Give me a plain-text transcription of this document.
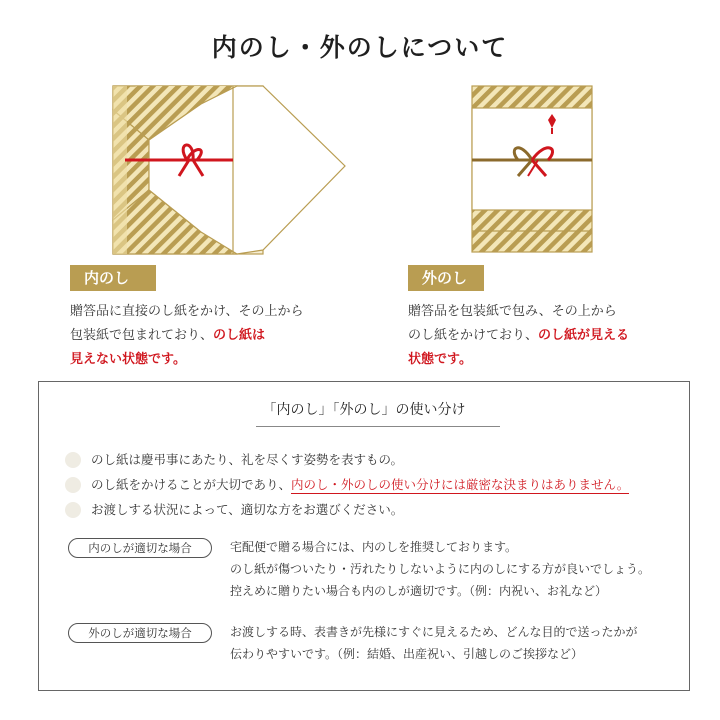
内のし・外のしについて
内のし	外のし
贈答品に直接のし紙をかけ、その上から
包装紙で包まれており、のし紙は
見えない状態です。
贈答品を包装紙で包み、その上から
のし紙をかけており、のし紙が見える
状態です。
「内のし」「外のし」の使い分け
のし紙は慶弔事にあたり、礼を尽くす姿勢を表すもの。
のし紙をかけることが大切であり、内のし・外のしの使い分けには厳密な決まりはありません。
お渡しする状況によって、適切な方をお選びください。
内のしが適切な場合	宅配便で贈る場合には、内のしを推奨しております。
のし紙が傷ついたり・汚れたりしないように内のしにする方が良いでしょう。
控えめに贈りたい場合も内のしが適切です。（例：内祝い、お礼など）
外のしが適切な場合	お渡しする時、表書きが先様にすぐに見えるため、どんな目的で送ったかが
伝わりやすいです。（例：結婚、出産祝い、引越しのご挨拶など）
